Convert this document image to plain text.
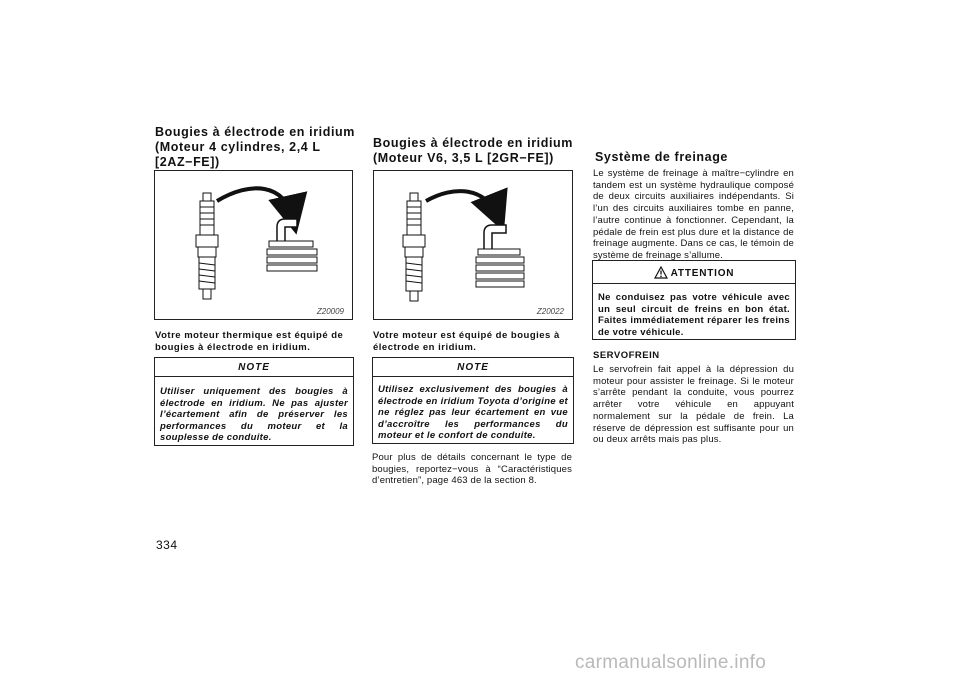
Bougies à électrode en iridium

(Moteur 4 cylindres, 2,4 L

[2AZ−FE])

Z20009

Votre moteur thermique est équipé de bougies à électrode en iridium.

NOTE
Utiliser uniquement des bougies à électrode en iridium. Ne pas ajuster l’écartement afin de préserver les performances du moteur et la souplesse de conduite.

Bougies à électrode en iridium

(Moteur V6, 3,5 L [2GR−FE])

Z20022

Votre moteur est équipé de bougies à électrode en iridium.

NOTE
Utilisez exclusivement des bougies à électrode en iridium Toyota d’origine et ne réglez pas leur écartement en vue d’accroître les performances du moteur et le confort de conduite.

Pour plus de détails concernant le type de bougies, reportez−vous à “Caractéristiques d’entretien”, page 463 de la section 8.

Système de freinage

Le système de freinage à maître−cylindre en tandem est un système hydraulique composé de deux circuits auxiliaires indépendants. Si l’un des circuits auxiliaires tombe en panne, l’autre continue à fonctionner. Cependant, la pédale de frein est plus dure et la distance de freinage augmente. Dans ce cas, le témoin de système de freinage s’allume.

ATTENTION
Ne conduisez pas votre véhicule avec un seul circuit de freins en bon état. Faites immédiatement réparer les freins de votre véhicule.

SERVOFREIN

Le servofrein fait appel à la dépression du moteur pour assister le freinage. Si le moteur s’arrête pendant la conduite, vous pourrez arrêter votre véhicule en appuyant normalement sur la pédale de frein. La réserve de dépression est suffisante pour un ou deux arrêts mais pas plus.

334
carmanualsonline.info
